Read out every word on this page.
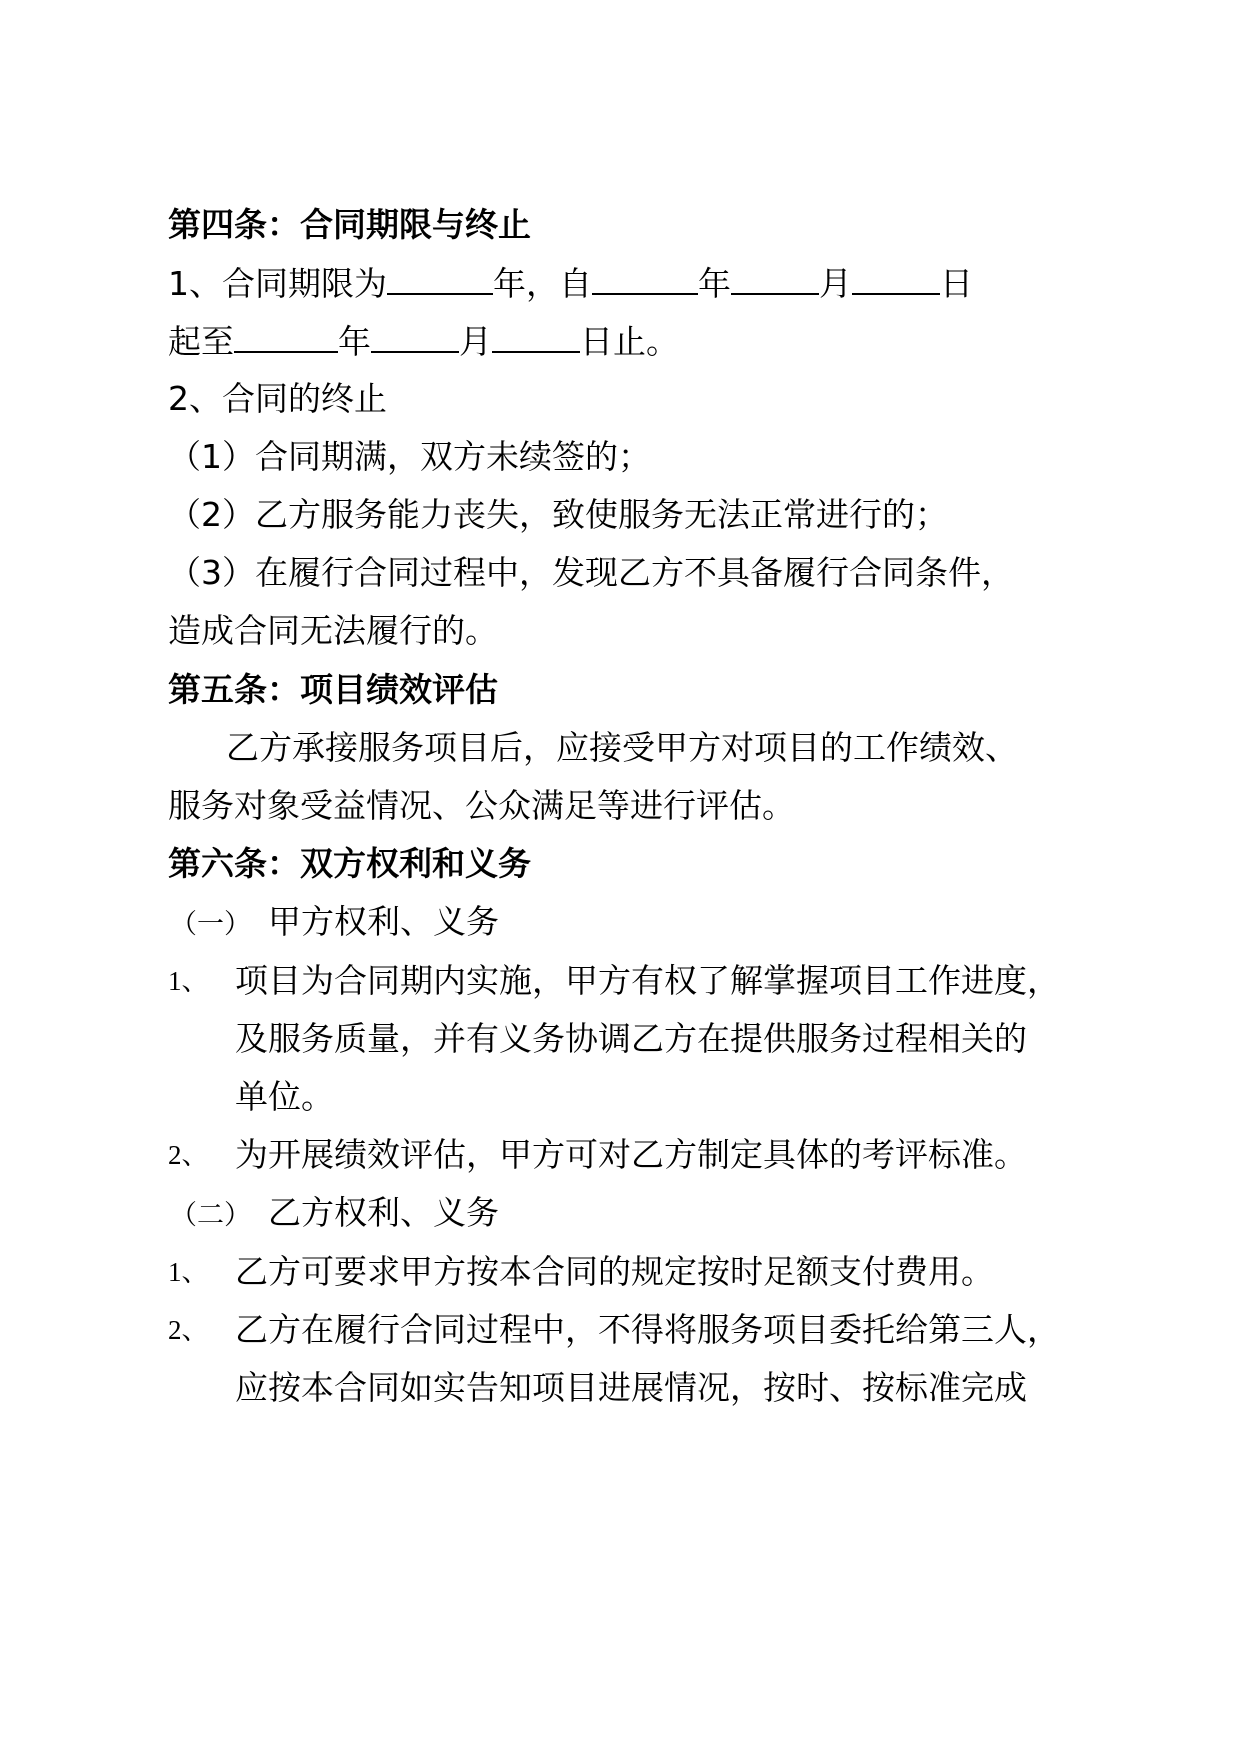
第四条：合同期限与终止
1、合同期限为	年，自	年	月	日
起至	年	月	日止。
2、合同的终止
（1）合同期满，双方未续签的；
（2）乙方服务能力丧失，致使服务无法正常进行的；
（3）在履行合同过程中，发现乙方不具备履行合同条件，
造成合同无法履行的。
第五条：项目绩效评估
乙方承接服务项目后，应接受甲方对项目的工作绩效、
服务对象受益情况、公众满足等进行评估。
第六条：双方权利和义务
（一） 甲方权利、义务
1、 项目为合同期内实施，甲方有权了解掌握项目工作进度，
及服务质量，并有义务协调乙方在提供服务过程相关的
单位。
2、 为开展绩效评估，甲方可对乙方制定具体的考评标准。
（二） 乙方权利、义务
1、 乙方可要求甲方按本合同的规定按时足额支付费用。
2、 乙方在履行合同过程中，不得将服务项目委托给第三人，
应按本合同如实告知项目进展情况，按时、按标准完成
